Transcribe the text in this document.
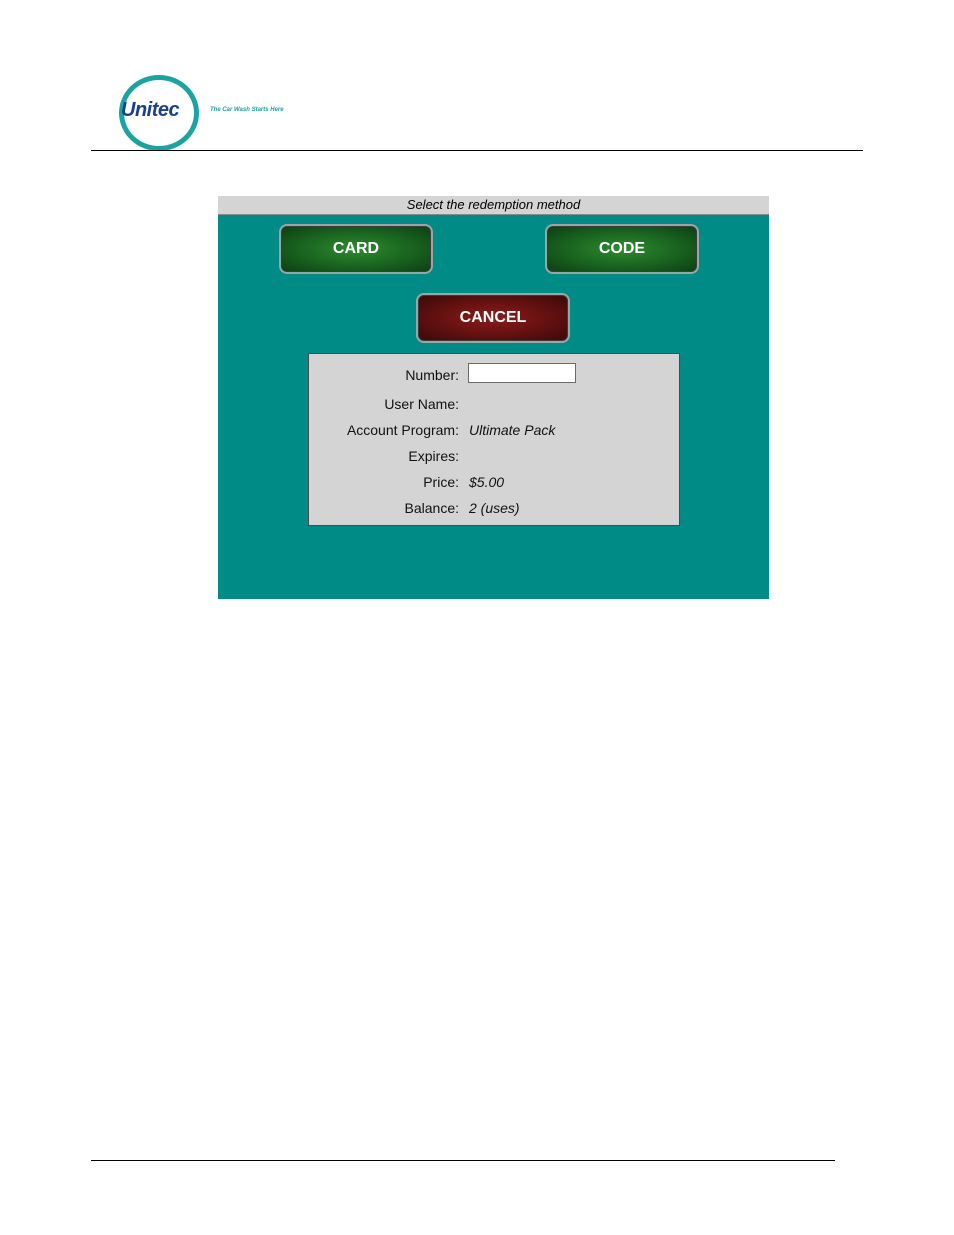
Unitec	The Car Wash Starts Here
Select the redemption method
CARD	CODE
CANCEL
Number:
User Name:
Account Program: Ultimate Pack
Expires:
Price: $5.00
Balance: 2 (uses)
